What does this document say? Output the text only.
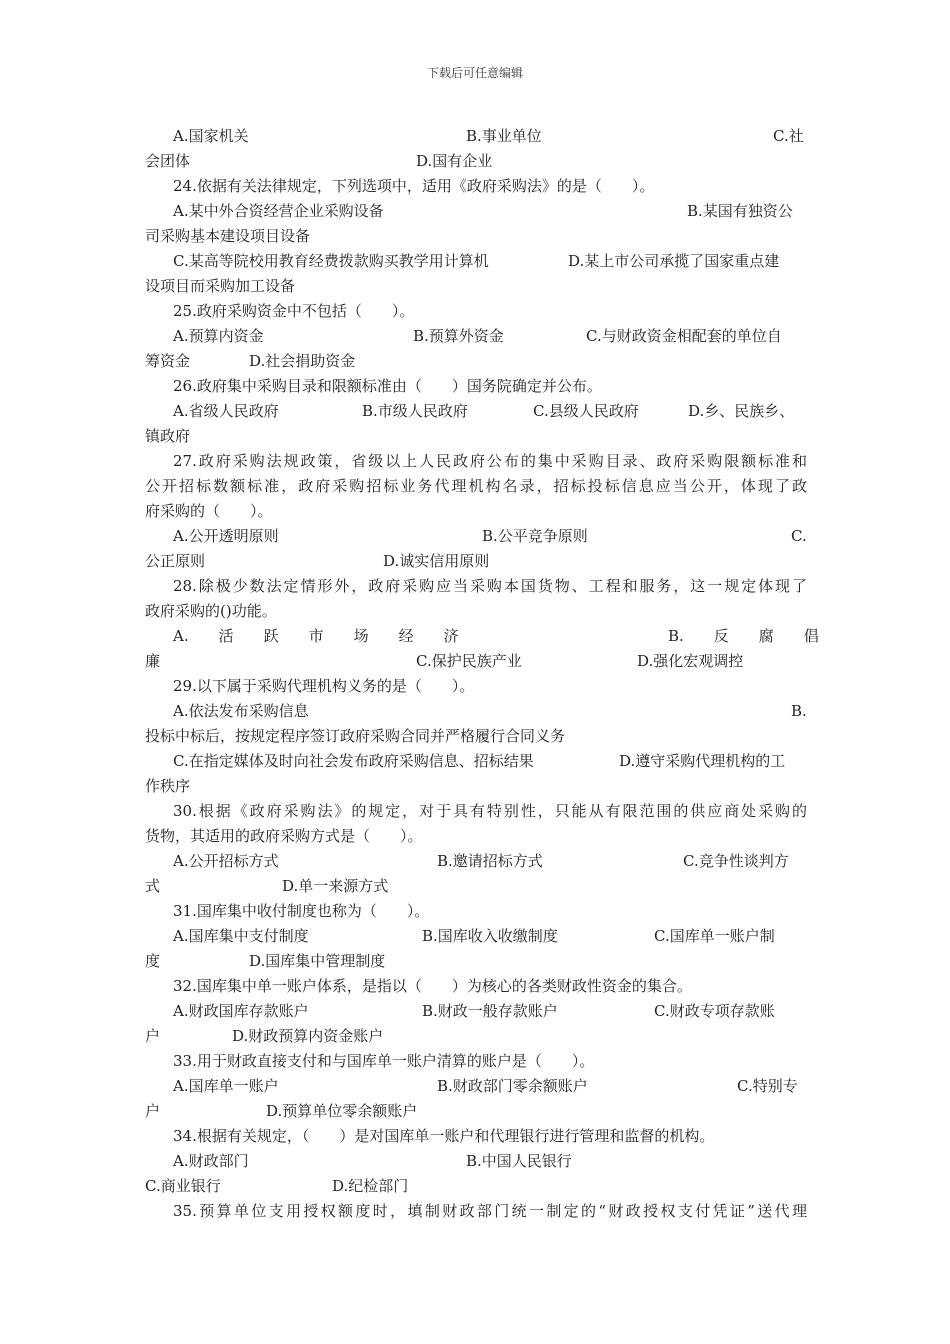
下载后可任意编辑
A.国家机关	B.事业单位	C.社
会团体	D.国有企业
24.依据有关法律规定，下列选项中，适用《政府采购法》的是（　　）。
A.某中外合资经营企业采购设备	B.某国有独资公
司采购基本建设项目设备
C.某高等院校用教育经费拨款购买教学用计算机	D.某上市公司承揽了国家重点建
设项目而采购加工设备
25.政府采购资金中不包括（　　）。
A.预算内资金	B.预算外资金	C.与财政资金相配套的单位自
筹资金	D.社会捐助资金
26.政府集中采购目录和限额标准由（　　）国务院确定并公布。
A.省级人民政府	B.市级人民政府	C.县级人民政府	D.乡、民族乡、
镇政府
27.政府采购法规政策，省级以上人民政府公布的集中采购目录、政府采购限额标准和
公开招标数额标准，政府采购招标业务代理机构名录，招标投标信息应当公开，体现了政
府采购的（　　）。
A.公开透明原则	B.公平竞争原则	C.
公正原则	D.诚实信用原则
28.除极少数法定情形外，政府采购应当采购本国货物、工程和服务，这一规定体现了
政府采购的()功能。
A.　　活　　跃　　市　　场　　经　　济	B.　　反　　腐　　倡
廉	C.保护民族产业	D.强化宏观调控
29.以下属于采购代理机构义务的是（　　）。
A.依法发布采购信息	B.
投标中标后，按规定程序签订政府采购合同并严格履行合同义务
C.在指定媒体及时向社会发布政府采购信息、招标结果	D.遵守采购代理机构的工
作秩序
30.根据《政府采购法》的规定，对于具有特别性，只能从有限范围的供应商处采购的
货物，其适用的政府采购方式是（　　）。
A.公开招标方式	B.邀请招标方式	C.竞争性谈判方
式	D.单一来源方式
31.国库集中收付制度也称为（　　）。
A.国库集中支付制度	B.国库收入收缴制度	C.国库单一账户制
度	D.国库集中管理制度
32.国库集中单一账户体系，是指以（　　）为核心的各类财政性资金的集合。
A.财政国库存款账户	B.财政一般存款账户	C.财政专项存款账
户	D.财政预算内资金账户
33.用于财政直接支付和与国库单一账户清算的账户是（　　）。
A.国库单一账户	B.财政部门零余额账户	C.特别专
户	D.预算单位零余额账户
34.根据有关规定，（　　）是对国库单一账户和代理银行进行管理和监督的机构。
A.财政部门	B.中国人民银行
C.商业银行	D.纪检部门
35.预算单位支用授权额度时，填制财政部门统一制定的“财政授权支付凭证”送代理
